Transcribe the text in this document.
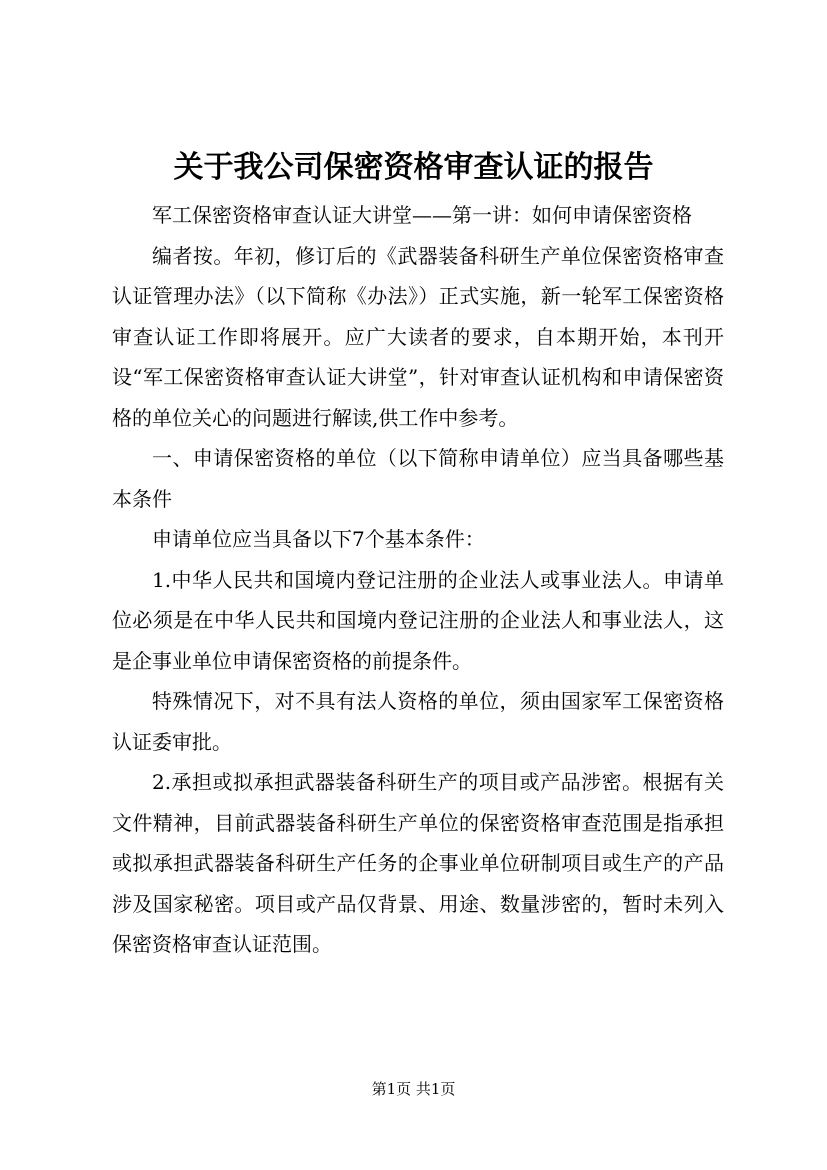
关于我公司保密资格审查认证的报告

军工保密资格审查认证大讲堂——第一讲：如何申请保密资格

编者按。年初，修订后的《武器装备科研生产单位保密资格审查认证管理办法》（以下简称《办法》）正式实施，新一轮军工保密资格审查认证工作即将展开。应广大读者的要求，自本期开始，本刊开设“军工保密资格审查认证大讲堂”，针对审查认证机构和申请保密资格的单位关心的问题进行解读,供工作中参考。

一、申请保密资格的单位（以下简称申请单位）应当具备哪些基本条件

申请单位应当具备以下7个基本条件：

1.中华人民共和国境内登记注册的企业法人或事业法人。申请单位必须是在中华人民共和国境内登记注册的企业法人和事业法人，这是企事业单位申请保密资格的前提条件。

特殊情况下，对不具有法人资格的单位，须由国家军工保密资格认证委审批。

2.承担或拟承担武器装备科研生产的项目或产品涉密。根据有关文件精神，目前武器装备科研生产单位的保密资格审查范围是指承担或拟承担武器装备科研生产任务的企事业单位研制项目或生产的产品涉及国家秘密。项目或产品仅背景、用途、数量涉密的，暂时未列入保密资格审查认证范围。

第1页 共1页
